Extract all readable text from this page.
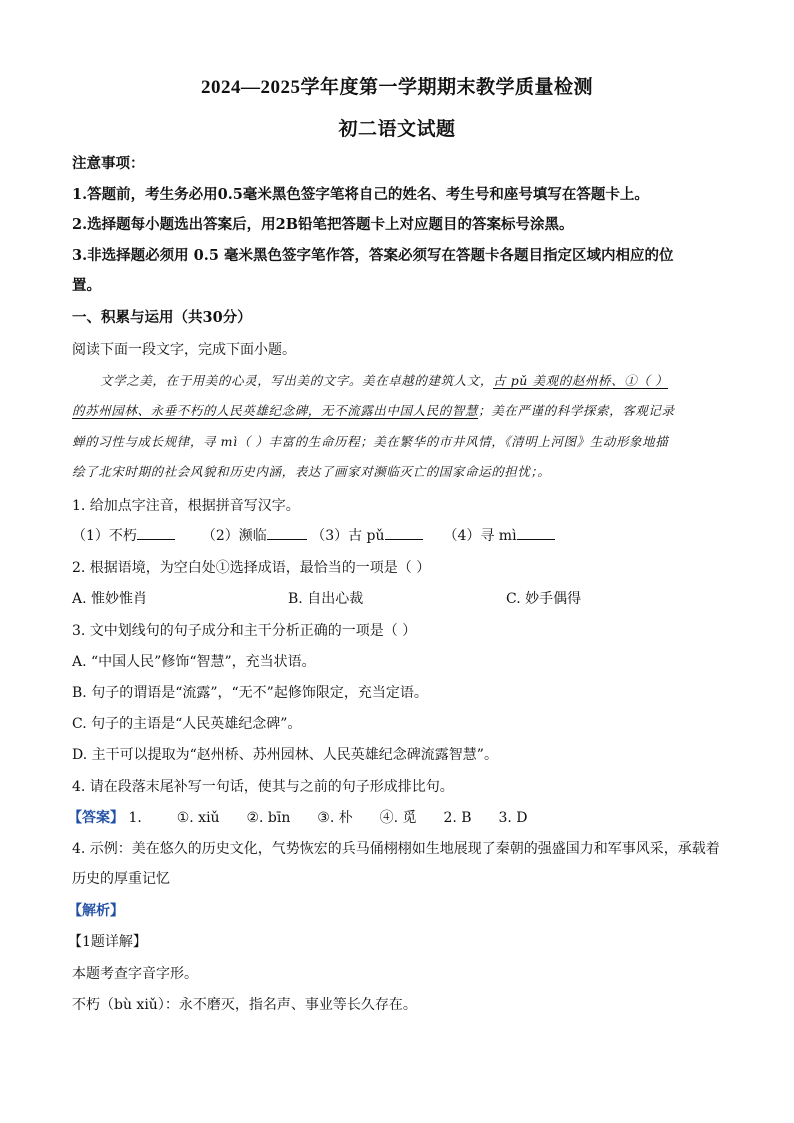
2024—2025学年度第一学期期末教学质量检测
初二语文试题
注意事项：
1.答题前，考生务必用0.5毫米黑色签字笔将自己的姓名、考生号和座号填写在答题卡上。
2.选择题每小题选出答案后，用2B铅笔把答题卡上对应题目的答案标号涂黑。
3.非选择题必须用 0.5 毫米黑色签字笔作答，答案必须写在答题卡各题目指定区域内相应的位
置。
一、积累与运用（共30分）
阅读下面一段文字，完成下面小题。
文学之美，在于用美的心灵，写出美的文字。美在卓越的建筑人文，古 pǔ 美观的赵州桥、①（ ）
的苏州园林、永垂不朽的人民英雄纪念碑，无不流露出中国人民的智慧；美在严谨的科学探索，客观记录
蝉的习性与成长规律，寻 mì（ ）丰富的生命历程；美在繁华的市井风情，《清明上河图》生动形象地描
绘了北宋时期的社会风貌和历史内涵，表达了画家对濒临灭亡的国家命运的担忧；。
1. 给加点字注音，根据拼音写汉字。
（1）不朽	（2）濒临	（3）古 pǔ	（4）寻 mì
2. 根据语境，为空白处①选择成语，最恰当的一项是（ ）
A. 惟妙惟肖	B. 自出心裁	C. 妙手偶得
3. 文中划线句的句子成分和主干分析正确的一项是（ ）
A. “中国人民”修饰“智慧”，充当状语。
B. 句子的谓语是“流露”，“无不”起修饰限定，充当定语。
C. 句子的主语是“人民英雄纪念碑”。
D. 主干可以提取为“赵州桥、苏州园林、人民英雄纪念碑流露智慧”。
4. 请在段落末尾补写一句话，使其与之前的句子形成排比句。
【答案】 1. ①. xiǔ ②. bīn ③. 朴 ④. 觅 2. B 3. D
4. 示例：美在悠久的历史文化，气势恢宏的兵马俑栩栩如生地展现了秦朝的强盛国力和军事风采，承载着
历史的厚重记忆
【解析】
【1题详解】
本题考查字音字形。
不朽（bù xiǔ）：永不磨灭，指名声、事业等长久存在。
